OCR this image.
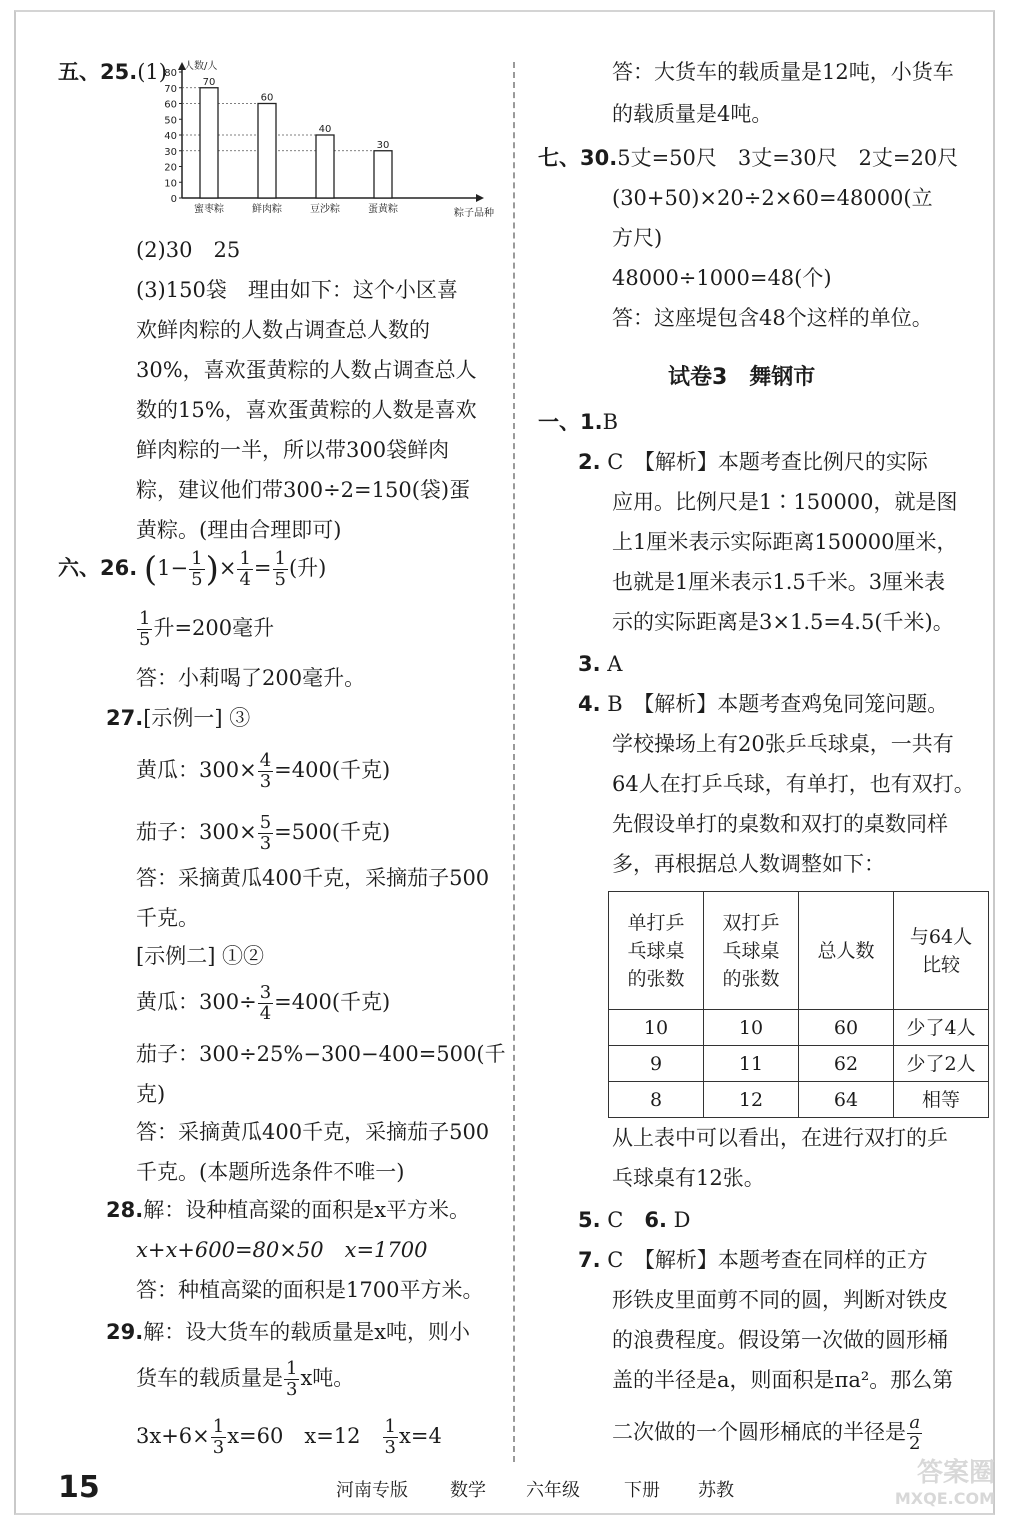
五、25.(1) 人数/人
粽子品种
0
10
20
30
40
50
60
70
80
70
蜜枣粽
60
鲜肉粽
40
豆沙粽
30
蛋黄粽
(2)30　25
(3)150袋　理由如下：这个小区喜
欢鲜肉粽的人数占调查总人数的
30%，喜欢蛋黄粽的人数占调查总人
数的15%，喜欢蛋黄粽的人数是喜欢
鲜肉粽的一半，所以带300袋鲜肉
粽，建议他们带300÷2=150(袋)蛋
黄粽。(理由合理即可)
六、26. ($1- \frac{1}{5}$ )× $\frac{1}{4} = \frac{1}{5}$ (升)
$\frac{1}{5}$ 升=200毫升
答：小莉喝了200毫升。
27.[示例一] ③
黄瓜：$300\times \frac{4}{3} =400$(千克)
茄子：$300\times \frac{5}{3} =500$(千克)
答：采摘黄瓜400千克，采摘茄子500
千克。
[示例二] ①②
黄瓜：$300\div \frac{3}{4} =400$(千克)
茄子：300÷25%−300−400=500(千
克)
答：采摘黄瓜400千克，采摘茄子500
千克。(本题所选条件不唯一)
28.解：设种植高粱的面积是x平方米。
x+x+600=80×50　x=1700
答：种植高粱的面积是1700平方米。
29.解：设大货车的载质量是x吨，则小
货车的载质量是 $\frac{1}{3}$ x吨。
$3x+6\times \frac{1}{3} x=60$　x=12　 $\frac{1}{3} x=4$
答：大货车的载质量是12吨，小货车
的载质量是4吨。
七、30.5丈=50尺　3丈=30尺　2丈=20尺
(30+50)×20÷2×60=48000(立
方尺)
48000÷1000=48(个)
答：这座堤包含48个这样的单位。
试卷3　舞钢市
一、1.B
2. C　【解析】本题考查比例尺的实际
应用。比例尺是1∶150000，就是图
上1厘米表示实际距离150000厘米，
也就是1厘米表示1.5千米。3厘米表
示的实际距离是3×1.5=4.5(千米)。
3. A
4. B　【解析】本题考查鸡兔同笼问题。
学校操场上有20张乒乓球桌，一共有
64人在打乒乓球，有单打，也有双打。
先假设单打的桌数和双打的桌数同样
多，再根据总人数调整如下：
从上表中可以看出，在进行双打的乒
乓球桌有12张。
5. C　 6. D
7. C　【解析】本题考查在同样的正方
形铁皮里面剪不同的圆，判断对铁皮
的浪费程度。假设第一次做的圆形桶
盖的半径是a，则面积是πa²。那么第
二次做的一个圆形桶底的半径是 $\frac{a}{2}$
单打乒
乓球桌
的张数	双打乒
乓球桌
的张数	总人数	与64人
比较
10	10	60	少了4人
9	11	62	少了2人
8	12	64	相等
15	河南专版 数学 六年级 下册 苏教
答案圈
MXQE.COM
